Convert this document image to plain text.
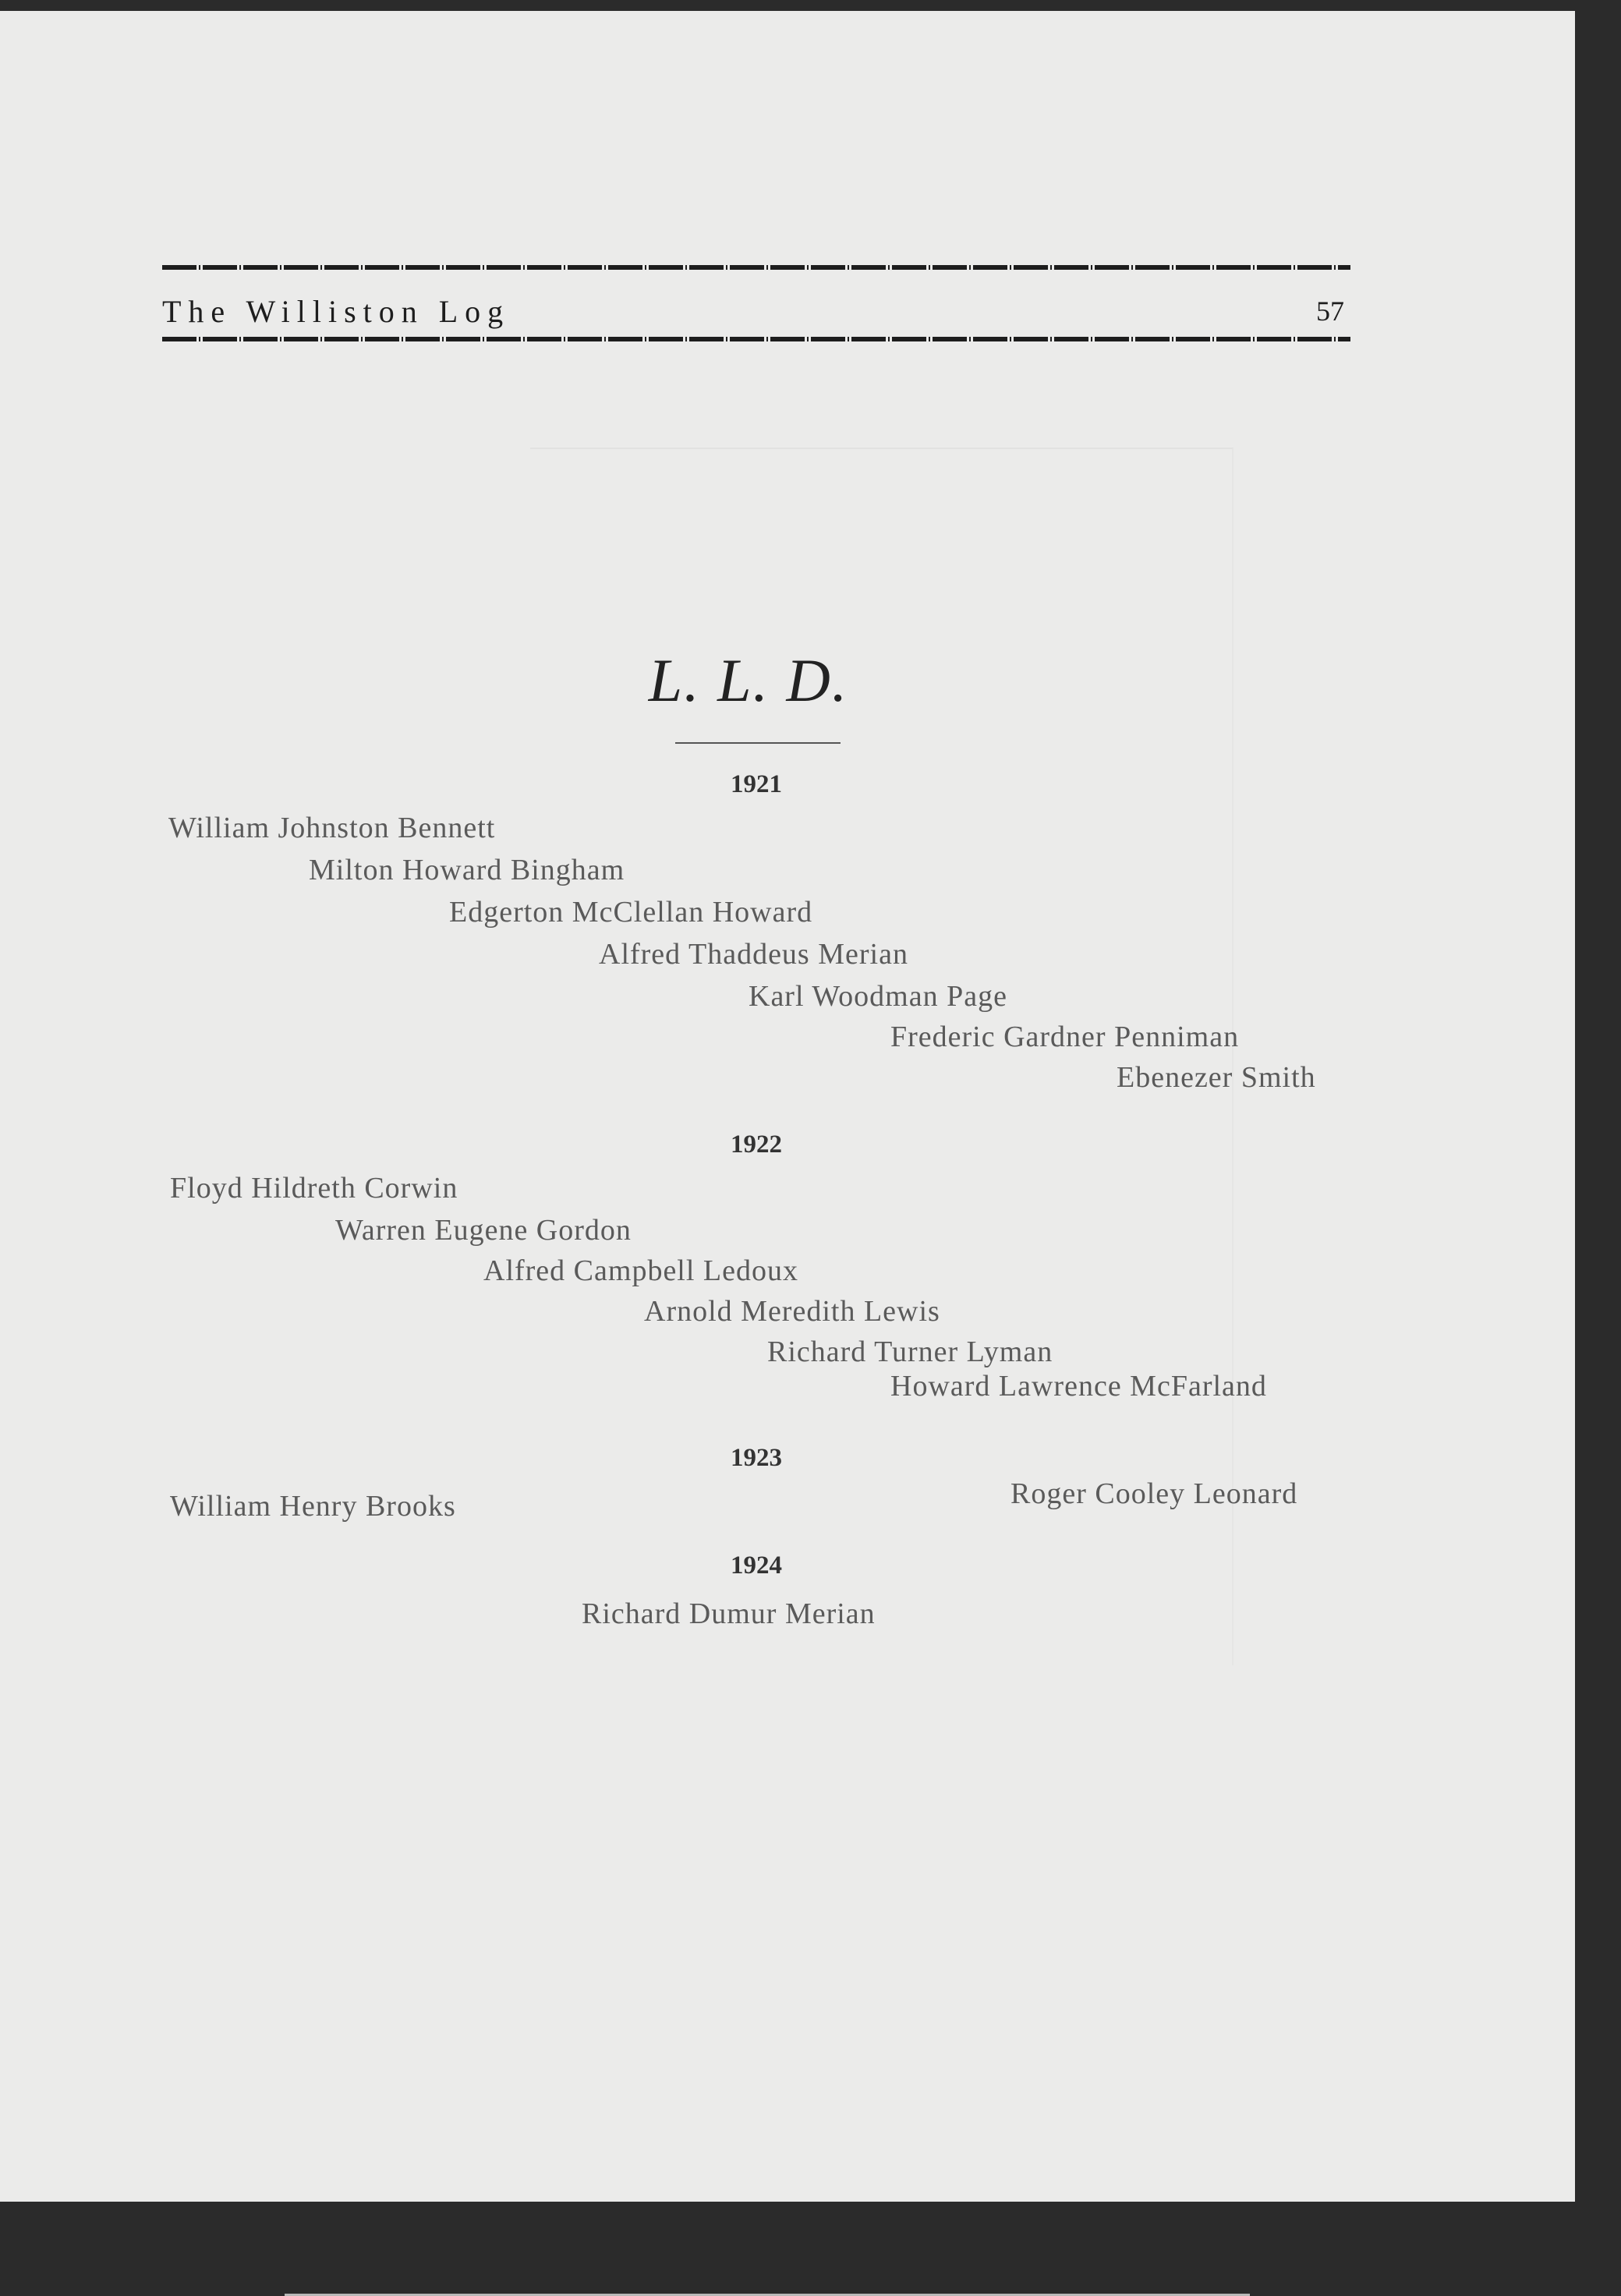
The Williston Log	57
L. L. D.
1921
William Johnston Bennett
Milton Howard Bingham
Edgerton McClellan Howard
Alfred Thaddeus Merian
Karl Woodman Page
Frederic Gardner Penniman
Ebenezer Smith
1922
Floyd Hildreth Corwin
Warren Eugene Gordon
Alfred Campbell Ledoux
Arnold Meredith Lewis
Richard Turner Lyman
Howard Lawrence McFarland
1923
William Henry Brooks	Roger Cooley Leonard
1924
Richard Dumur Merian
